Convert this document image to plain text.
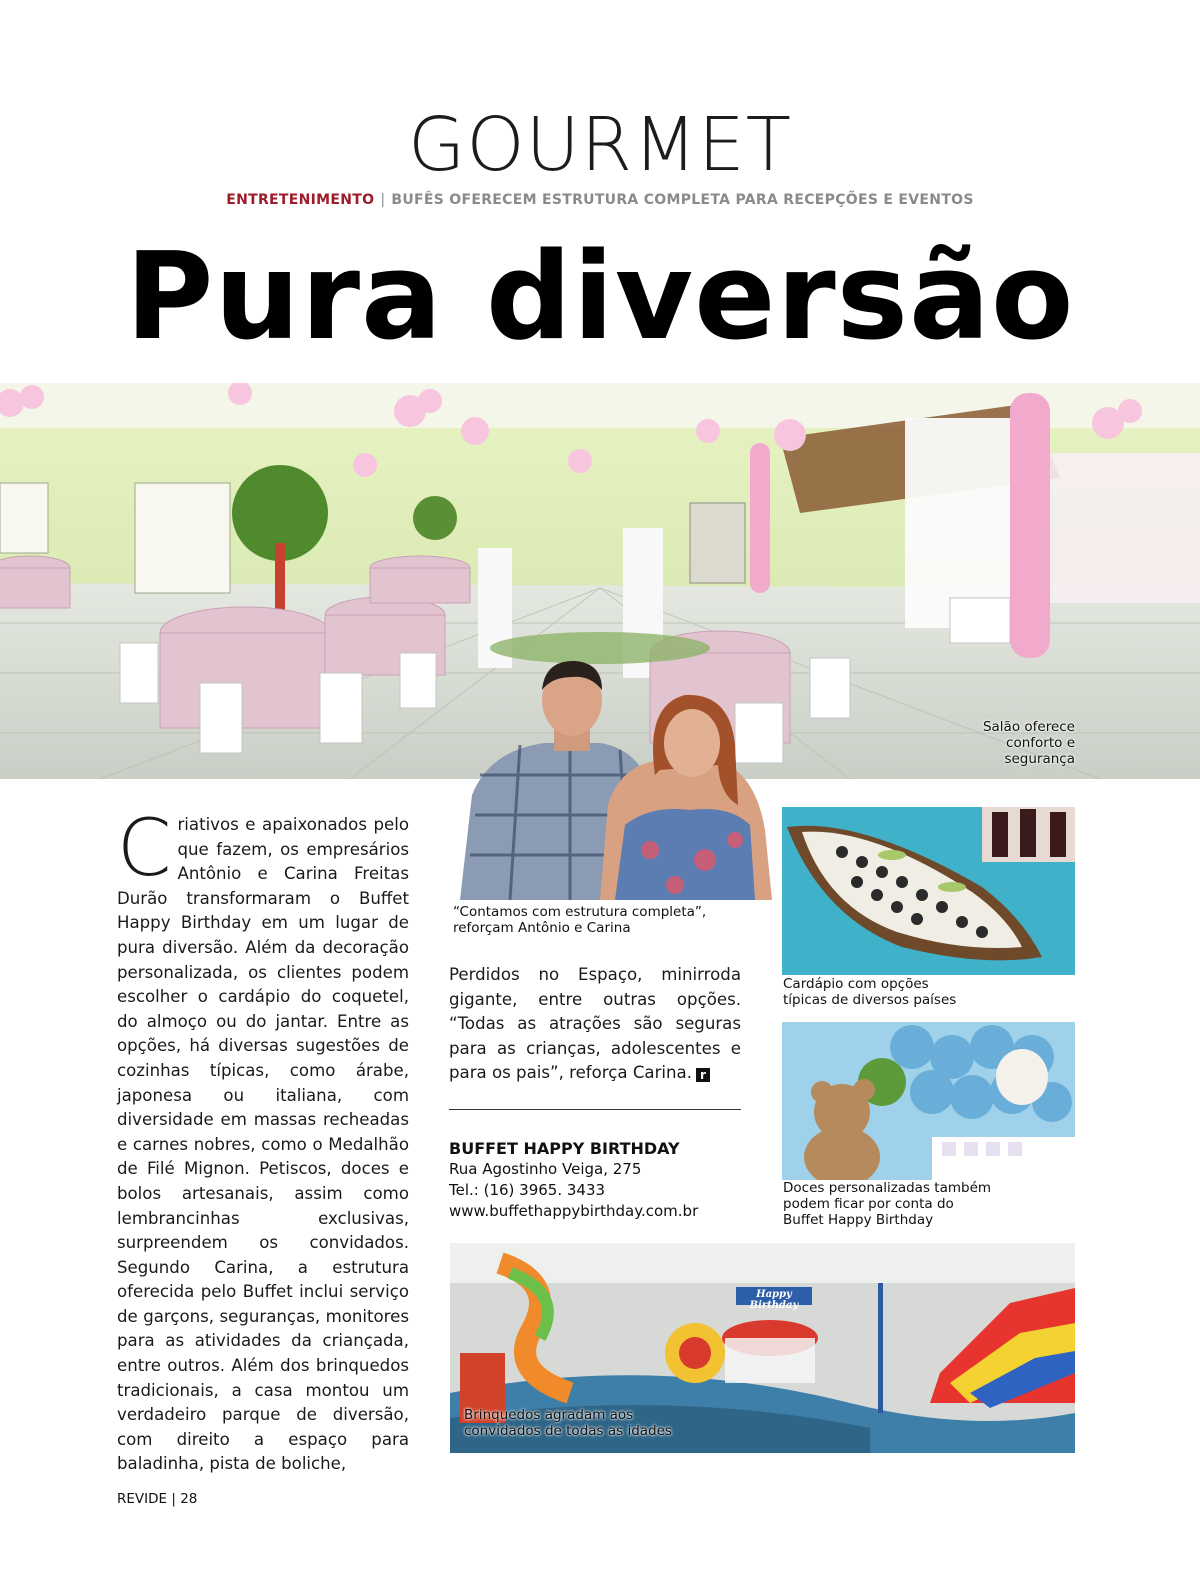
GOURMET
ENTRETENIMENTO | BUFÊS OFERECEM ESTRUTURA COMPLETA PARA RECEPÇÕES E EVENTOS
Pura diversão
Salão oferece
conforto e
segurança
“Contamos com estrutura completa”,
reforçam Antônio e Carina
Cardápio com opções
típicas de diversos países
Doces personalizadas também
podem ficar por conta do
Buffet Happy Birthday
Happy Birthday
Brinquedos agradam aos
convidados de todas as idades
Criativos e apaixonados pelo que fazem, os empresários Antônio e Carina Freitas Durão transformaram o Buffet Happy Birthday em um lugar de pura diversão. Além da decoração personalizada, os clientes podem escolher o cardápio do coquetel, do almoço ou do jantar. Entre as opções, há diversas sugestões de cozinhas típicas, como árabe, japonesa ou italiana, com diversidade em massas recheadas e carnes nobres, como o Medalhão de Filé Mignon. Petiscos, doces e bolos artesanais, assim como lembrancinhas exclusivas, surpreendem os convidados. Segundo Carina, a estrutura oferecida pelo Buffet inclui serviço de garçons, seguranças, monitores para as atividades da criançada, entre outros. Além dos brinquedos tradicionais, a casa montou um verdadeiro parque de diversão, com direito a espaço para baladinha, pista de boliche,
Perdidos no Espaço, minirroda gigante, entre outras opções. “Todas as atrações são seguras para as crianças, adolescentes e para os pais”, reforça Carina. r
BUFFET HAPPY BIRTHDAY
Rua Agostinho Veiga, 275
Tel.: (16) 3965. 3433
www.buffethappybirthday.com.br
REVIDE | 28
